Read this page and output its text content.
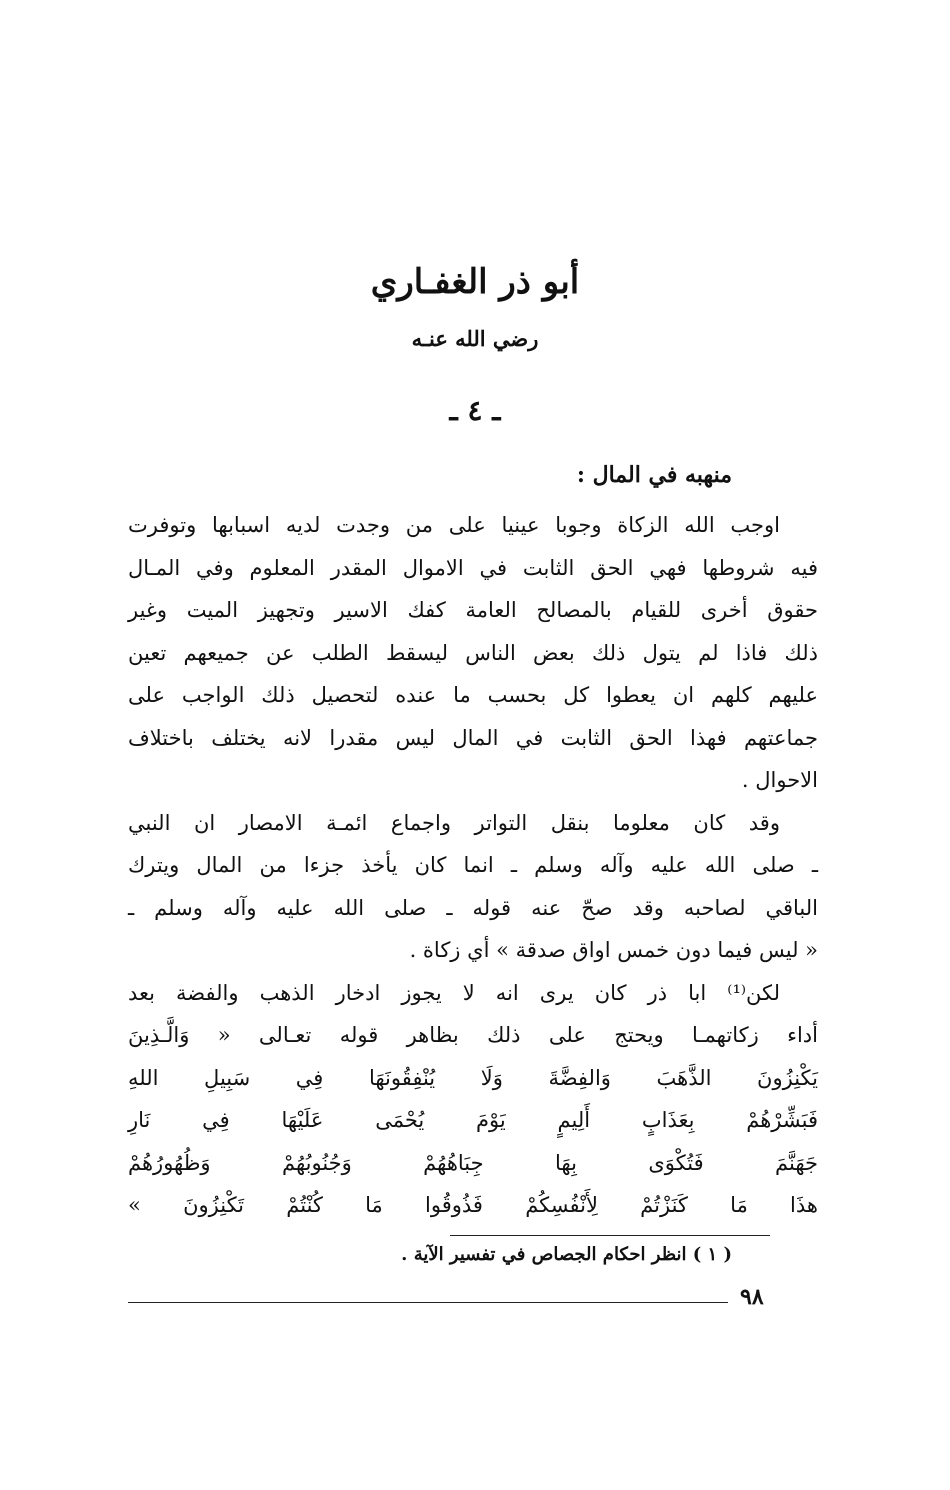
أبو ذر الغفـاري
رضي الله عنـه
ـ ٤ ـ
منهبه في المال :
اوجب الله الزكاة وجوبا عينيا على من وجدت لديه اسبابها وتوفرت
فيه شروطها فهي الحق الثابت في الاموال المقدر المعلوم وفي المـال
حقوق أخرى للقيام بالمصالح العامة كفك الاسير وتجهيز الميت وغير
ذلك فاذا لم يتول ذلك بعض الناس ليسقط الطلب عن جميعهم تعين
عليهم كلهم ان يعطوا كل بحسب ما عنده لتحصيل ذلك الواجب على
جماعتهم فهذا الحق الثابت في المال ليس مقدرا لانه يختلف باختلاف
الاحوال .
وقد كان معلوما بنقل التواتر واجماع ائمـة الامصار ان النبي
ـ صلى الله عليه وآله وسلم ـ انما كان يأخذ جزءا من المال ويترك
الباقي لصاحبه وقد صحّ عنه قوله ـ صلى الله عليه وآله وسلم ـ
« ليس فيما دون خمس اواق صدقة » أي زكاة .
لكن⁽¹⁾ ابا ذر كان يرى انه لا يجوز ادخار الذهب والفضة بعد
أداء زكاتهمـا ويحتج على ذلك بظاهر قوله تعـالى « وَالَّـذِينَ
يَكْنِزُونَ الذَّهَبَ وَالفِضَّةَ وَلَا يُنْفِقُونَهَا فِي سَبِيلِ اللهِ
فَبَشِّرْهُمْ بِعَذَابٍ أَلِيمٍ يَوْمَ يُحْمَى عَلَيْهَا فِي نَارِ
جَهَنَّمَ فَتُكْوَى بِهَا جِبَاهُهُمْ وَجُنُوبُهُمْ وَظُهُورُهُمْ
هذَا مَا كَنَزْتُمْ لِأَنْفُسِكُمْ فَذُوقُوا مَا كُنْتُمْ تَكْنِزُونَ »
( ١ ) انظر احكام الجصاص في تفسير الآية .
٩٨
